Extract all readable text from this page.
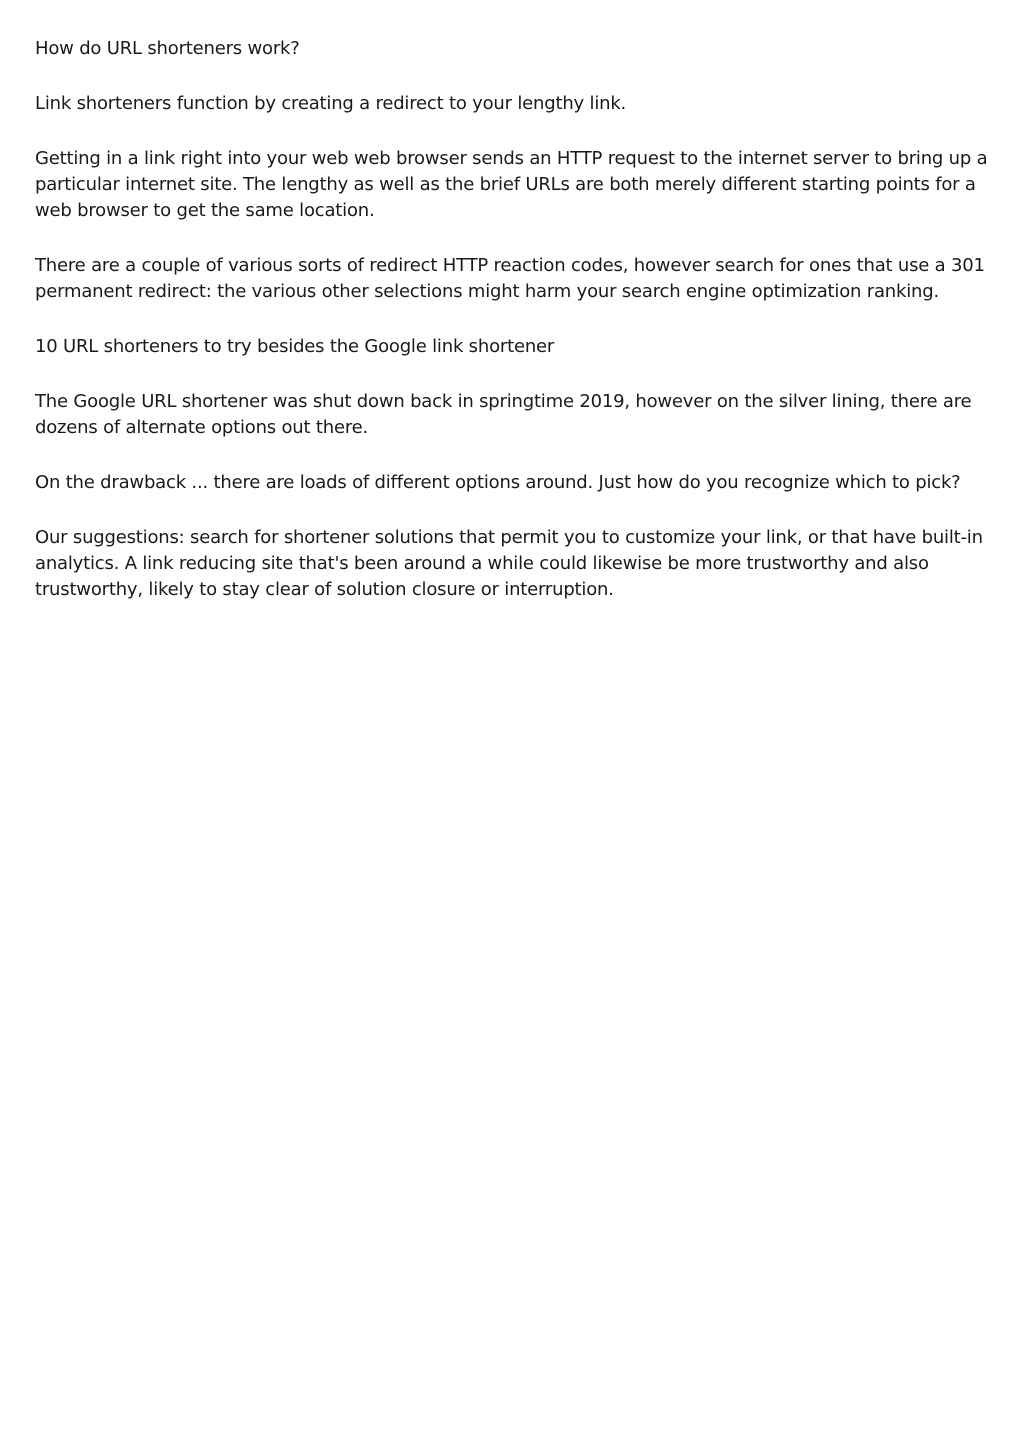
How do URL shorteners work?

Link shorteners function by creating a redirect to your lengthy link.

Getting in a link right into your web web browser sends an HTTP request to the internet server to bring up a particular internet site. The lengthy as well as the brief URLs are both merely different starting points for a web browser to get the same location.

There are a couple of various sorts of redirect HTTP reaction codes, however search for ones that use a 301 permanent redirect: the various other selections might harm your search engine optimization ranking.

10 URL shorteners to try besides the Google link shortener

The Google URL shortener was shut down back in springtime 2019, however on the silver lining, there are dozens of alternate options out there.

On the drawback ... there are loads of different options around. Just how do you recognize which to pick?

Our suggestions: search for shortener solutions that permit you to customize your link, or that have built-in analytics. A link reducing site that's been around a while could likewise be more trustworthy and also trustworthy, likely to stay clear of solution closure or interruption.
